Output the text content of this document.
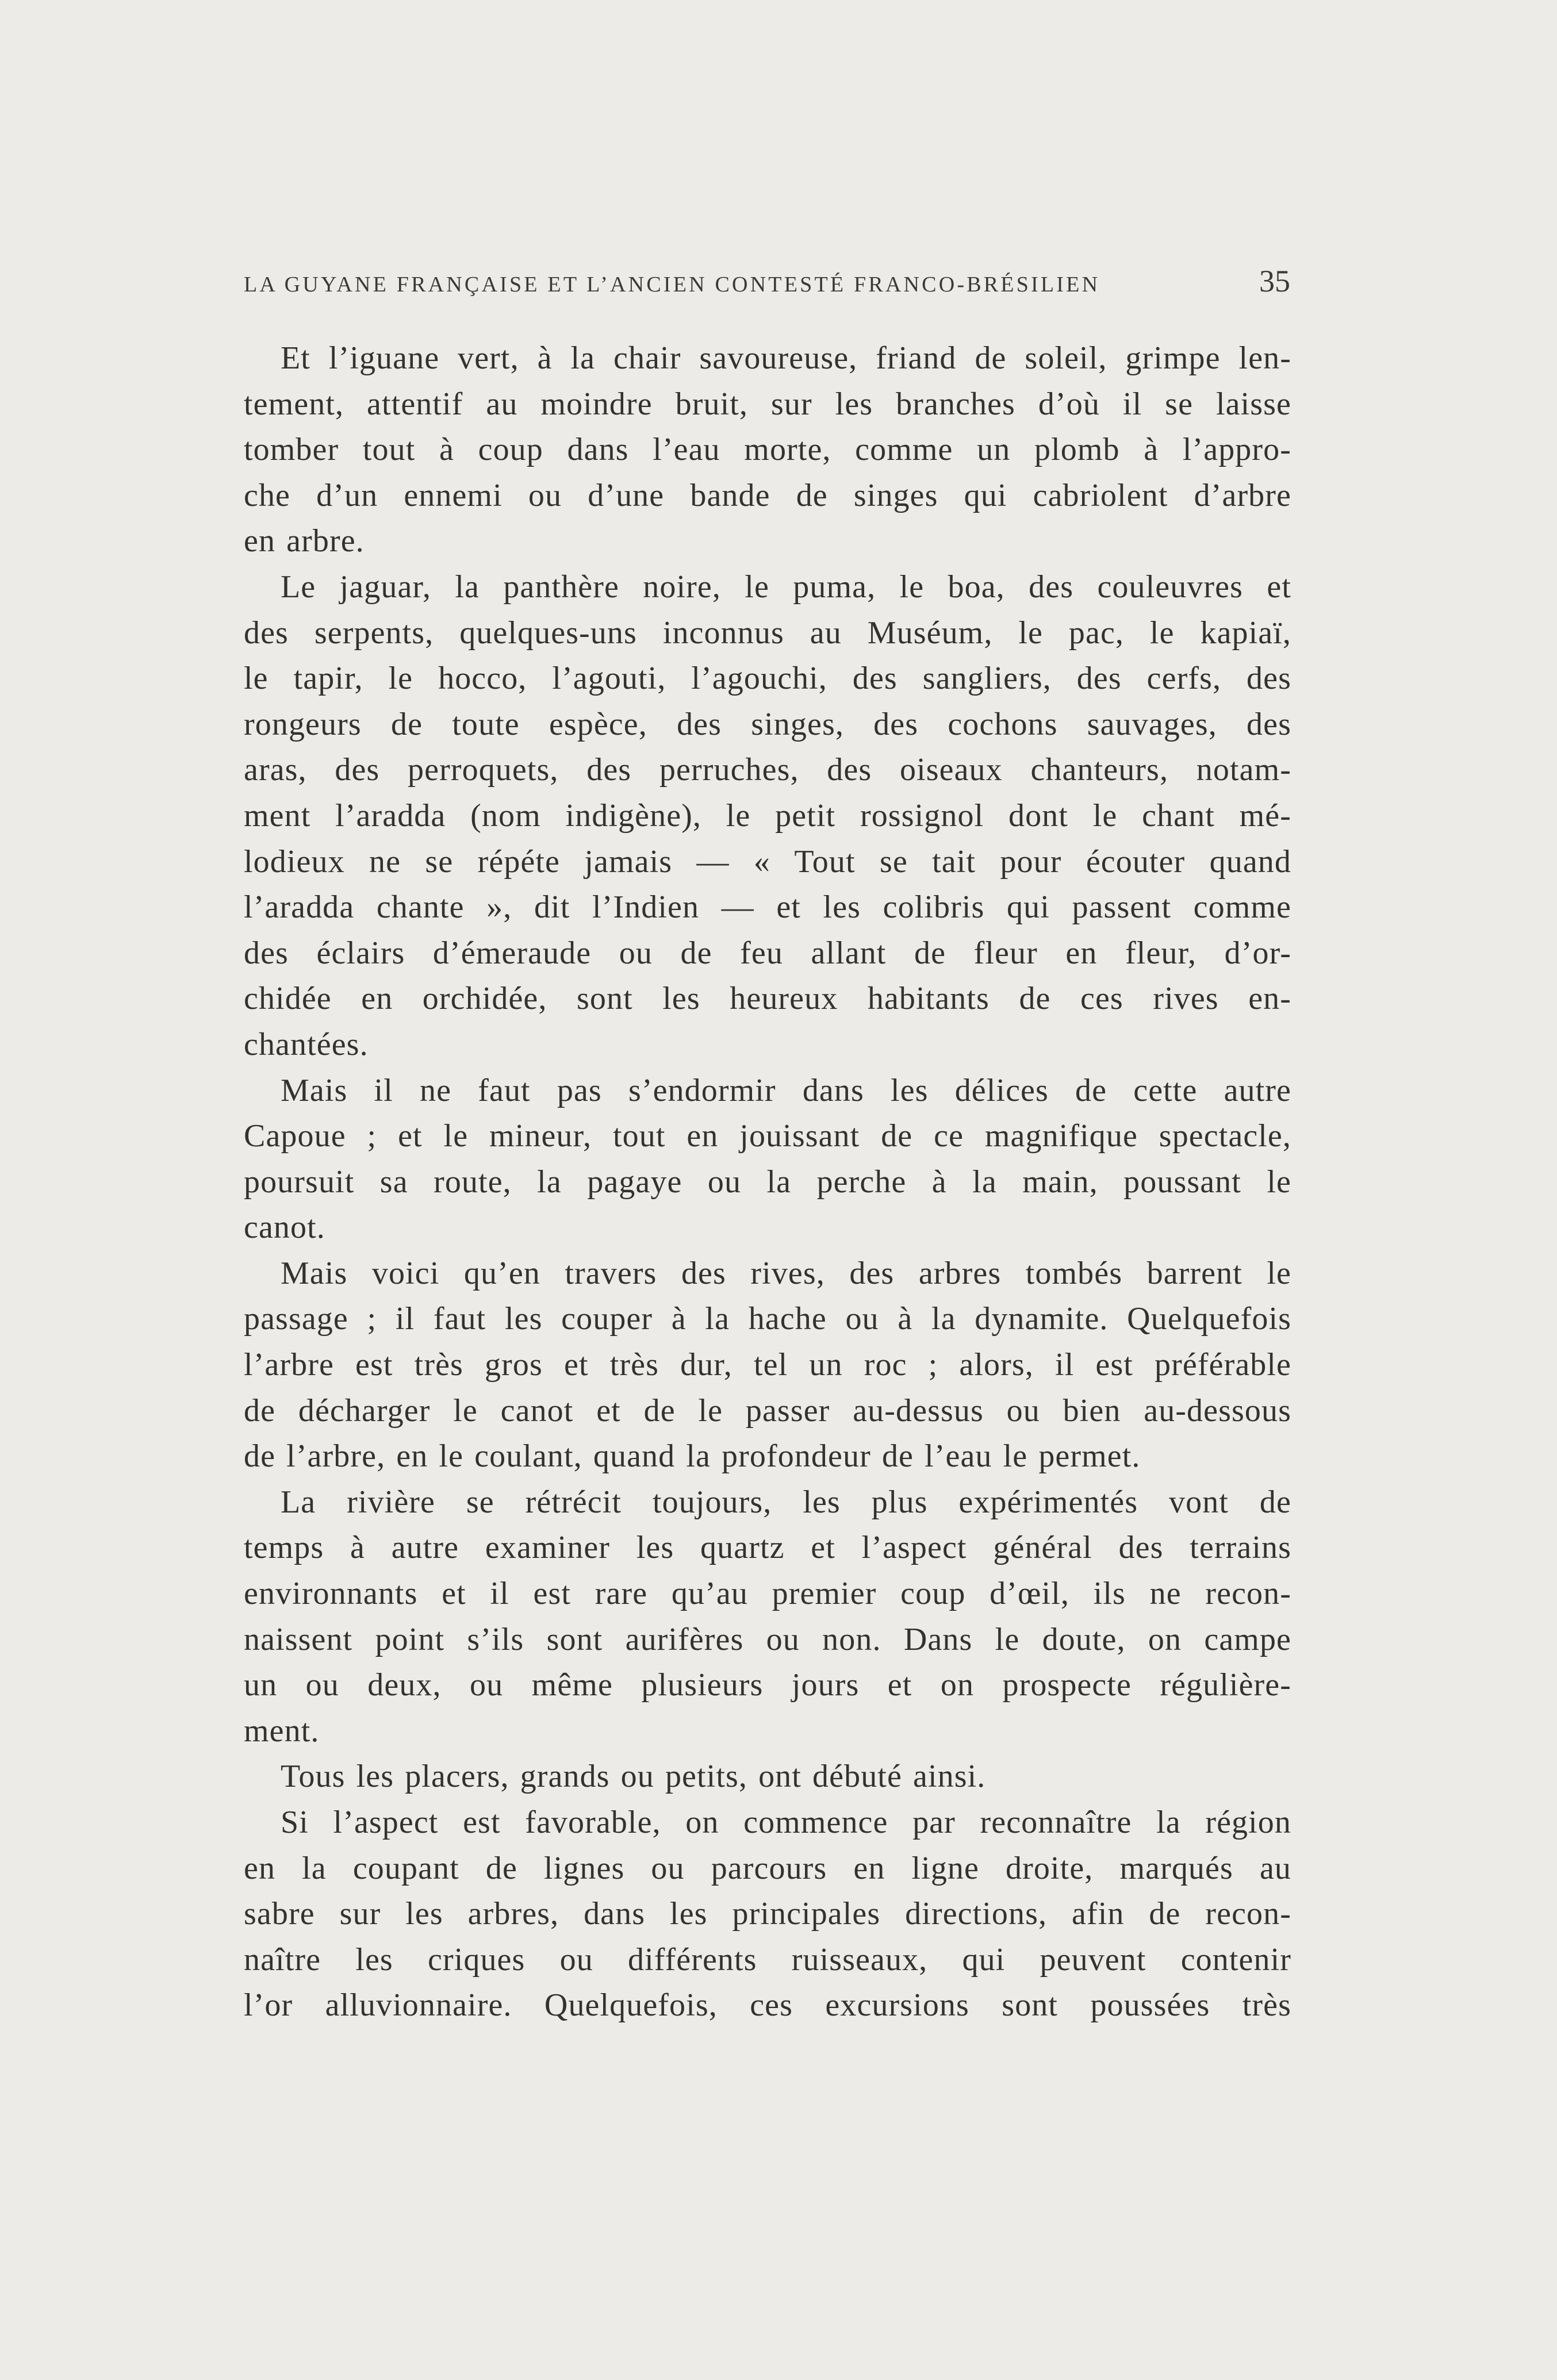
LA GUYANE FRANÇAISE ET L’ANCIEN CONTESTÉ FRANCO-BRÉSILIEN	35

Et l’iguane vert, à la chair savoureuse, friand de soleil, grimpe len-
tement, attentif au moindre bruit, sur les branches d’où il se laisse
tomber tout à coup dans l’eau morte, comme un plomb à l’appro-
che d’un ennemi ou d’une bande de singes qui cabriolent d’arbre
en arbre.

Le jaguar, la panthère noire, le puma, le boa, des couleuvres et
des serpents, quelques-uns inconnus au Muséum, le pac, le kapiaï,
le tapir, le hocco, l’agouti, l’agouchi, des sangliers, des cerfs, des
rongeurs de toute espèce, des singes, des cochons sauvages, des
aras, des perroquets, des perruches, des oiseaux chanteurs, notam-
ment l’aradda (nom indigène), le petit rossignol dont le chant mé-
lodieux ne se répéte jamais — « Tout se tait pour écouter quand
l’aradda chante », dit l’Indien — et les colibris qui passent comme
des éclairs d’émeraude ou de feu allant de fleur en fleur, d’or-
chidée en orchidée, sont les heureux habitants de ces rives en-
chantées.

Mais il ne faut pas s’endormir dans les délices de cette autre
Capoue ; et le mineur, tout en jouissant de ce magnifique spectacle,
poursuit sa route, la pagaye ou la perche à la main, poussant le
canot.

Mais voici qu’en travers des rives, des arbres tombés barrent le
passage ; il faut les couper à la hache ou à la dynamite. Quelquefois
l’arbre est très gros et très dur, tel un roc ; alors, il est préférable
de décharger le canot et de le passer au-dessus ou bien au-dessous
de l’arbre, en le coulant, quand la profondeur de l’eau le permet.

La rivière se rétrécit toujours, les plus expérimentés vont de
temps à autre examiner les quartz et l’aspect général des terrains
environnants et il est rare qu’au premier coup d’œil, ils ne recon-
naissent point s’ils sont aurifères ou non. Dans le doute, on campe
un ou deux, ou même plusieurs jours et on prospecte régulière-
ment.

Tous les placers, grands ou petits, ont débuté ainsi.

Si l’aspect est favorable, on commence par reconnaître la région
en la coupant de lignes ou parcours en ligne droite, marqués au
sabre sur les arbres, dans les principales directions, afin de recon-
naître les criques ou différents ruisseaux, qui peuvent contenir
l’or alluvionnaire. Quelquefois, ces excursions sont poussées très
